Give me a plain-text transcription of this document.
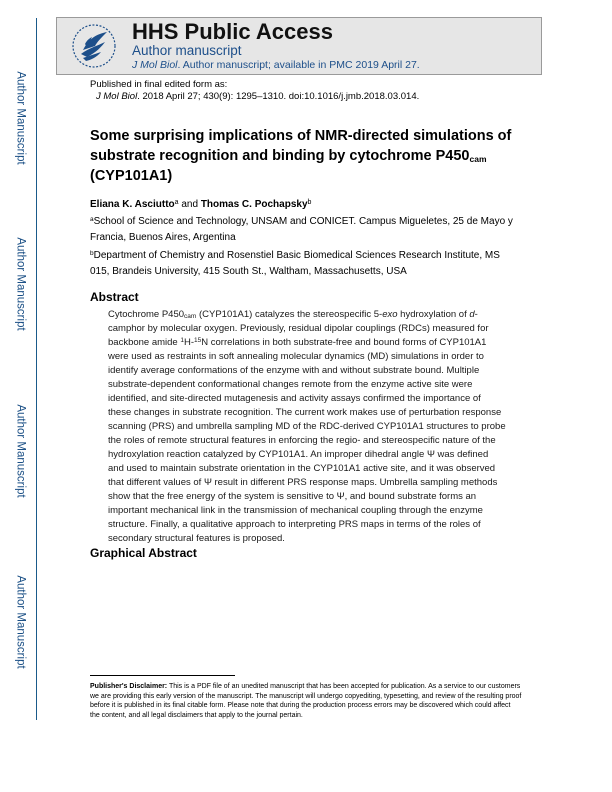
Author Manuscript
Author Manuscript
Author Manuscript
Author Manuscript
HHS Public Access
Author manuscript
J Mol Biol. Author manuscript; available in PMC 2019 April 27.
Published in final edited form as:
J Mol Biol. 2018 April 27; 430(9): 1295–1310. doi:10.1016/j.jmb.2018.03.014.
Some surprising implications of NMR-directed simulations of substrate recognition and binding by cytochrome $P450_{cam}$
(CYP101A1)
Eliana K. Asciutto$^a$ and Thomas C. Pochapsky$^b$
$^a$School of Science and Technology, UNSAM and CONICET. Campus Migueletes, 25 de Mayo y Francia, Buenos Aires, Argentina
$^b$Department of Chemistry and Rosenstiel Basic Biomedical Sciences Research Institute, MS 015, Brandeis University, 415 South St., Waltham, Massachusetts, USA
Abstract
Cytochrome $P450_{cam}$ (CYP101A1) catalyzes the stereospecific 5-exo hydroxylation of d-camphor by molecular oxygen. Previously, residual dipolar couplings (RDCs) measured for backbone amide $^1$H-$^{15}$N correlations in both substrate-free and bound forms of CYP101A1 were used as restraints in soft annealing molecular dynamics (MD) simulations in order to identify average conformations of the enzyme with and without substrate bound. Multiple substrate-dependent conformational changes remote from the enzyme active site were identified, and site-directed mutagenesis and activity assays confirmed the importance of these changes in substrate recognition. The current work makes use of perturbation response scanning (PRS) and umbrella sampling MD of the RDC-derived CYP101A1 structures to probe the roles of remote structural features in enforcing the regio- and stereospecific nature of the hydroxylation reaction catalyzed by CYP101A1. An improper dihedral angle Ψ was defined and used to maintain substrate orientation in the CYP101A1 active site, and it was observed that different values of Ψ result in different PRS response maps. Umbrella sampling methods show that the free energy of the system is sensitive to Ψ, and bound substrate forms an important mechanical link in the transmission of mechanical coupling through the enzyme structure. Finally, a qualitative approach to interpreting PRS maps in terms of the roles of secondary structural features is proposed.
Graphical Abstract
Publisher's Disclaimer: This is a PDF file of an unedited manuscript that has been accepted for publication. As a service to our customers we are providing this early version of the manuscript. The manuscript will undergo copyediting, typesetting, and review of the resulting proof before it is published in its final citable form. Please note that during the production process errors may be discovered which could affect the content, and all legal disclaimers that apply to the journal pertain.
